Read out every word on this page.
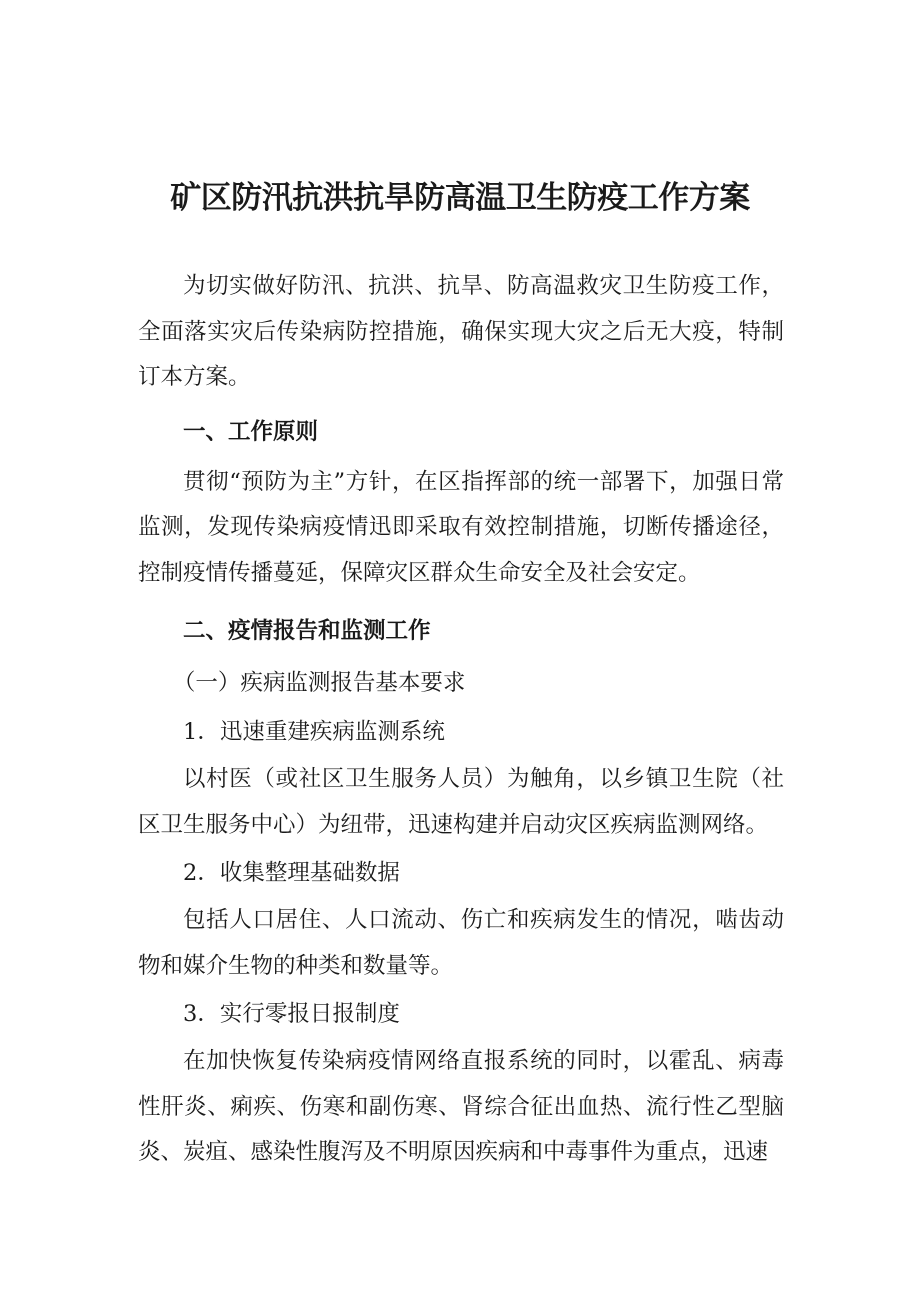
矿区防汛抗洪抗旱防高温卫生防疫工作方案

为切实做好防汛、抗洪、抗旱、防高温救灾卫生防疫工作，全面落实灾后传染病防控措施，确保实现大灾之后无大疫，特制订本方案。

一、工作原则

贯彻“预防为主”方针，在区指挥部的统一部署下，加强日常监测，发现传染病疫情迅即采取有效控制措施，切断传播途径，控制疫情传播蔓延，保障灾区群众生命安全及社会安定。

二、疫情报告和监测工作

（一）疾病监测报告基本要求

1．迅速重建疾病监测系统

以村医（或社区卫生服务人员）为触角，以乡镇卫生院（社区卫生服务中心）为纽带，迅速构建并启动灾区疾病监测网络。

2．收集整理基础数据

包括人口居住、人口流动、伤亡和疾病发生的情况，啮齿动物和媒介生物的种类和数量等。

3．实行零报日报制度

在加快恢复传染病疫情网络直报系统的同时，以霍乱、病毒性肝炎、痢疾、伤寒和副伤寒、肾综合征出血热、流行性乙型脑炎、炭疽、感染性腹泻及不明原因疾病和中毒事件为重点，迅速
